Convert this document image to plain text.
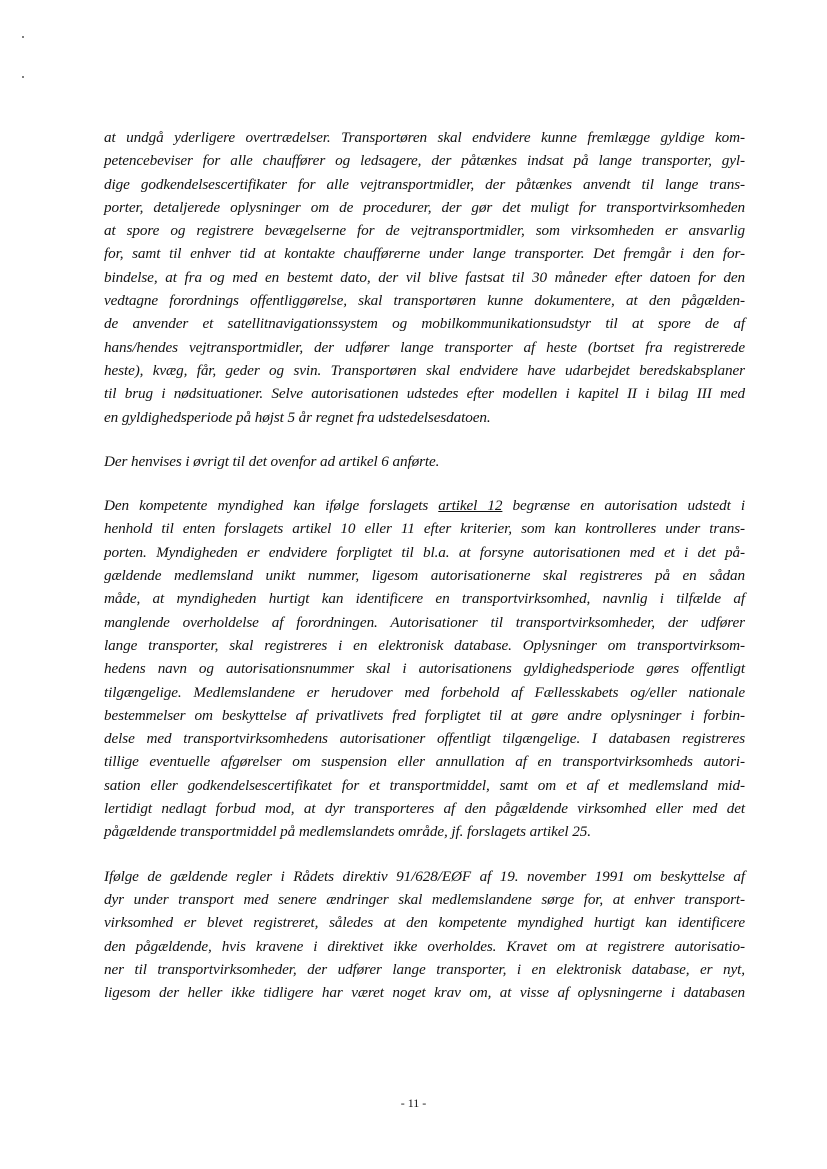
at undgå yderligere overtrædelser. Transportøren skal endvidere kunne fremlægge gyldige kom-
petencebeviser for alle chauffører og ledsagere, der påtænkes indsat på lange transporter, gyl-
dige godkendelsescertifikater for alle vejtransportmidler, der påtænkes anvendt til lange trans-
porter, detaljerede oplysninger om de procedurer, der gør det muligt for transportvirksomheden
at spore og registrere bevægelserne for de vejtransportmidler, som virksomheden er ansvarlig
for, samt til enhver tid at kontakte chaufførerne under lange transporter. Det fremgår i den for-
bindelse, at fra og med en bestemt dato, der vil blive fastsat til 30 måneder efter datoen for den
vedtagne forordnings offentliggørelse, skal transportøren kunne dokumentere, at den pågælden-
de anvender et satellitnavigationssystem og mobilkommunikationsudstyr til at spore de af
hans/hendes vejtransportmidler, der udfører lange transporter af heste (bortset fra registrerede
heste), kvæg, får, geder og svin. Transportøren skal endvidere have udarbejdet beredskabsplaner
til brug i nødsituationer. Selve autorisationen udstedes efter modellen i kapitel II i bilag III med
en gyldighedsperiode på højst 5 år regnet fra udstedelsesdatoen.
Der henvises i øvrigt til det ovenfor ad artikel 6 anførte.
Den kompetente myndighed kan ifølge forslagets artikel 12 begrænse en autorisation udstedt i
henhold til enten forslagets artikel 10 eller 11 efter kriterier, som kan kontrolleres under trans-
porten. Myndigheden er endvidere forpligtet til bl.a. at forsyne autorisationen med et i det på-
gældende medlemsland unikt nummer, ligesom autorisationerne skal registreres på en sådan
måde, at myndigheden hurtigt kan identificere en transportvirksomhed, navnlig i tilfælde af
manglende overholdelse af forordningen. Autorisationer til transportvirksomheder, der udfører
lange transporter, skal registreres i en elektronisk database. Oplysninger om transportvirksom-
hedens navn og autorisationsnummer skal i autorisationens gyldighedsperiode gøres offentligt
tilgængelige. Medlemslandene er herudover med forbehold af Fællesskabets og/eller nationale
bestemmelser om beskyttelse af privatlivets fred forpligtet til at gøre andre oplysninger i forbin-
delse med transportvirksomhedens autorisationer offentligt tilgængelige. I databasen registreres
tillige eventuelle afgørelser om suspension eller annullation af en transportvirksomheds autori-
sation eller godkendelsescertifikatet for et transportmiddel, samt om et af et medlemsland mid-
lertidigt nedlagt forbud mod, at dyr transporteres af den pågældende virksomhed eller med det
pågældende transportmiddel på medlemslandets område, jf. forslagets artikel 25.
Ifølge de gældende regler i Rådets direktiv 91/628/EØF af 19. november 1991 om beskyttelse af
dyr under transport med senere ændringer skal medlemslandene sørge for, at enhver transport-
virksomhed er blevet registreret, således at den kompetente myndighed hurtigt kan identificere
den pågældende, hvis kravene i direktivet ikke overholdes. Kravet om at registrere autorisatio-
ner til transportvirksomheder, der udfører lange transporter, i en elektronisk database, er nyt,
ligesom der heller ikke tidligere har været noget krav om, at visse af oplysningerne i databasen
- 11 -
